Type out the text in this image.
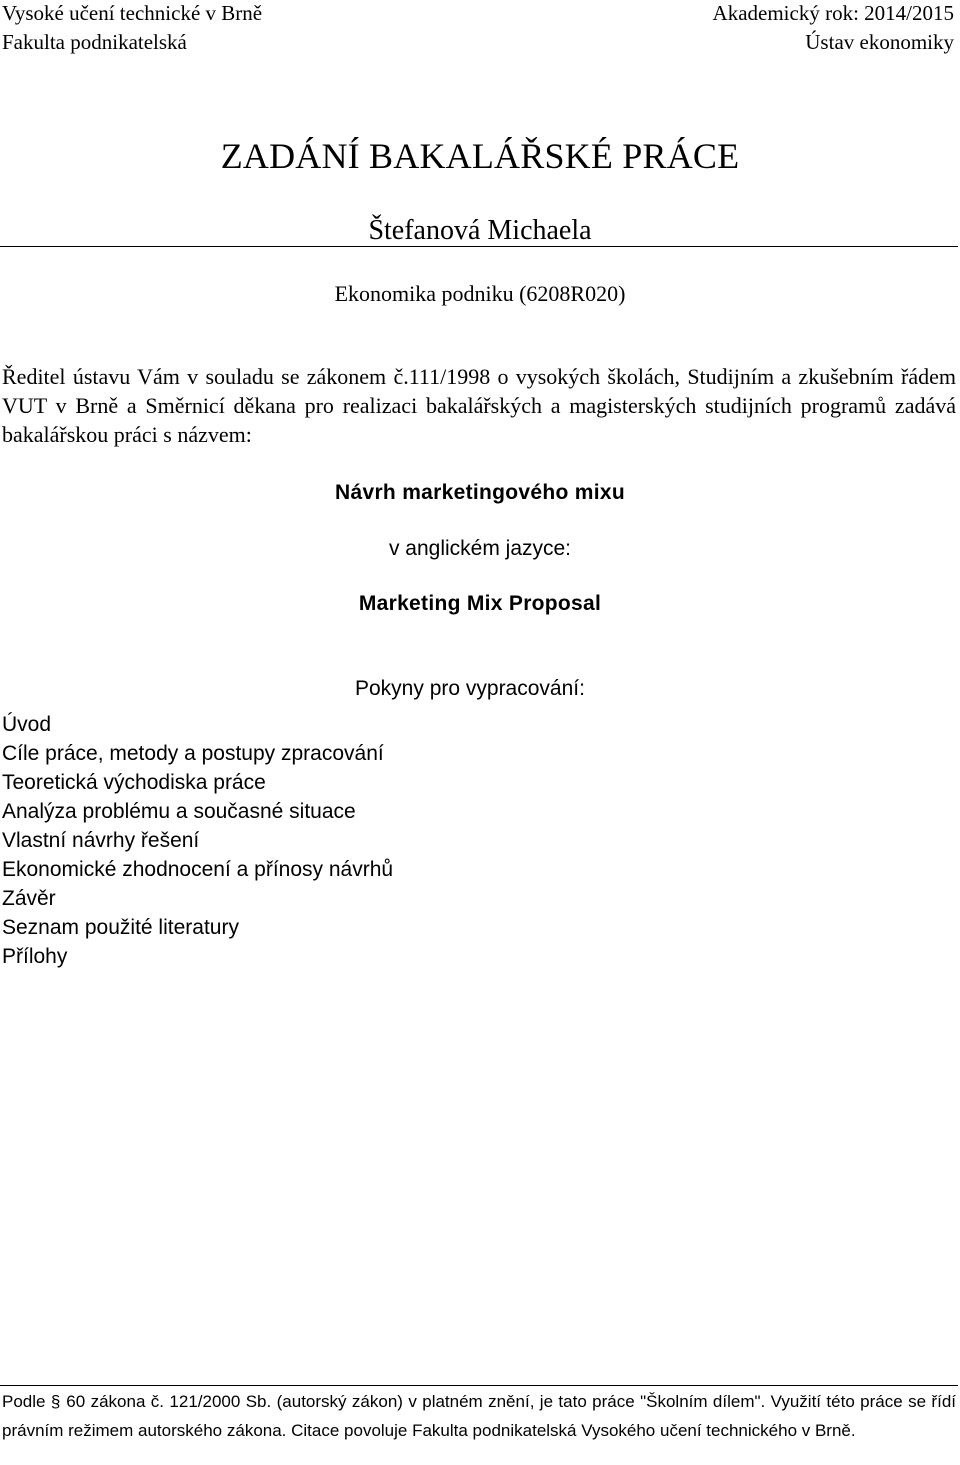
Vysoké učení technické v Brně
Fakulta podnikatelská
Akademický rok: 2014/2015
Ústav ekonomiky
ZADÁNÍ BAKALÁŘSKÉ PRÁCE
Štefanová Michaela
Ekonomika podniku (6208R020)
Ředitel ústavu Vám v souladu se zákonem č.111/1998 o vysokých školách, Studijním a zkušebním řádem VUT v Brně a Směrnicí děkana pro realizaci bakalářských a magisterských studijních programů zadává bakalářskou práci s názvem:
Návrh marketingového mixu
v anglickém jazyce:
Marketing Mix Proposal
Pokyny pro vypracování:
Úvod
Cíle práce, metody a postupy zpracování
Teoretická východiska práce
Analýza problému a současné situace
Vlastní návrhy řešení
Ekonomické zhodnocení a přínosy návrhů
Závěr
Seznam použité literatury
Přílohy
Podle § 60 zákona č. 121/2000 Sb. (autorský zákon) v platném znění, je tato práce "Školním dílem". Využití této práce se řídí právním režimem autorského zákona. Citace povoluje Fakulta podnikatelská Vysokého učení technického v Brně.
